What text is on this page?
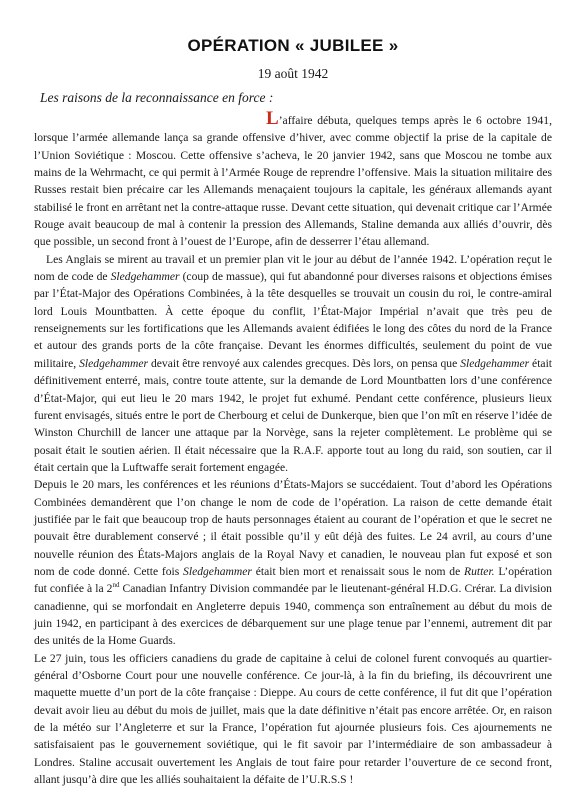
OPÉRATION « JUBILEE »
19 août 1942
Les raisons de la reconnaissance en force :

L’affaire débuta, quelques temps après le 6 octobre 1941, lorsque l’armée allemande lança sa grande offensive d’hiver, avec comme objectif la prise de la capitale de l’Union Soviétique : Moscou. Cette offensive s’acheva, le 20 janvier 1942, sans que Moscou ne tombe aux mains de la Wehrmacht, ce qui permit à l’Armée Rouge de reprendre l’offensive. Mais la situation militaire des Russes restait bien précaire car les Allemands menaçaient toujours la capitale, les généraux allemands ayant stabilisé le front en arrêtant net la contre-attaque russe. Devant cette situation, qui devenait critique car l’Armée Rouge avait beaucoup de mal à contenir la pression des Allemands, Staline demanda aux alliés d’ouvrir, dès que possible, un second front à l’ouest de l’Europe, afin de desserrer l’étau allemand.

Les Anglais se mirent au travail et un premier plan vit le jour au début de l’année 1942. L’opération reçut le nom de code de Sledgehammer (coup de massue), qui fut abandonné pour diverses raisons et objections émises par l’État-Major des Opérations Combinées, à la tête desquelles se trouvait un cousin du roi, le contre-amiral lord Louis Mountbatten. À cette époque du conflit, l’État-Major Impérial n’avait que très peu de renseignements sur les fortifications que les Allemands avaient édifiées le long des côtes du nord de la France et autour des grands ports de la côte française. Devant les énormes difficultés, seulement du point de vue militaire, Sledgehammer devait être renvoyé aux calendes grecques. Dès lors, on pensa que Sledgehammer était définitivement enterré, mais, contre toute attente, sur la demande de Lord Mountbatten lors d’une conférence d’État-Major, qui eut lieu le 20 mars 1942, le projet fut exhumé. Pendant cette conférence, plusieurs lieux furent envisagés, situés entre le port de Cherbourg et celui de Dunkerque, bien que l’on mît en réserve l’idée de Winston Churchill de lancer une attaque par la Norvège, sans la rejeter complètement. Le problème qui se posait était le soutien aérien. Il était nécessaire que la R.A.F. apporte tout au long du raid, son soutien, car il était certain que la Luftwaffe serait fortement engagée.

Depuis le 20 mars, les conférences et les réunions d’États-Majors se succédaient. Tout d’abord les Opérations Combinées demandèrent que l’on change le nom de code de l’opération. La raison de cette demande était justifiée par le fait que beaucoup trop de hauts personnages étaient au courant de l’opération et que le secret ne pouvait être durablement conservé ; il était possible qu’il y eût déjà des fuites. Le 24 avril, au cours d’une nouvelle réunion des États-Majors anglais de la Royal Navy et canadien, le nouveau plan fut exposé et son nom de code donné. Cette fois Sledgehammer était bien mort et renaissait sous le nom de Rutter. L’opération fut confiée à la 2nd Canadian Infantry Division commandée par le lieutenant-général H.D.G. Crérar. La division canadienne, qui se morfondait en Angleterre depuis 1940, commença son entraînement au début du mois de juin 1942, en participant à des exercices de débarquement sur une plage tenue par l’ennemi, autrement dit par des unités de la Home Guards.

Le 27 juin, tous les officiers canadiens du grade de capitaine à celui de colonel furent convoqués au quartier-général d’Osborne Court pour une nouvelle conférence. Ce jour-là, à la fin du briefing, ils découvrirent une maquette muette d’un port de la côte française : Dieppe. Au cours de cette conférence, il fut dit que l’opération devait avoir lieu au début du mois de juillet, mais que la date définitive n’était pas encore arrêtée. Or, en raison de la météo sur l’Angleterre et sur la France, l’opération fut ajournée plusieurs fois. Ces ajournements ne satisfaisaient pas le gouvernement soviétique, qui le fit savoir par l’intermédiaire de son ambassadeur à Londres. Staline accusait ouvertement les Anglais de tout faire pour retarder l’ouverture de ce second front, allant jusqu’à dire que les alliés souhaitaient la défaite de l’U.R.S.S !
